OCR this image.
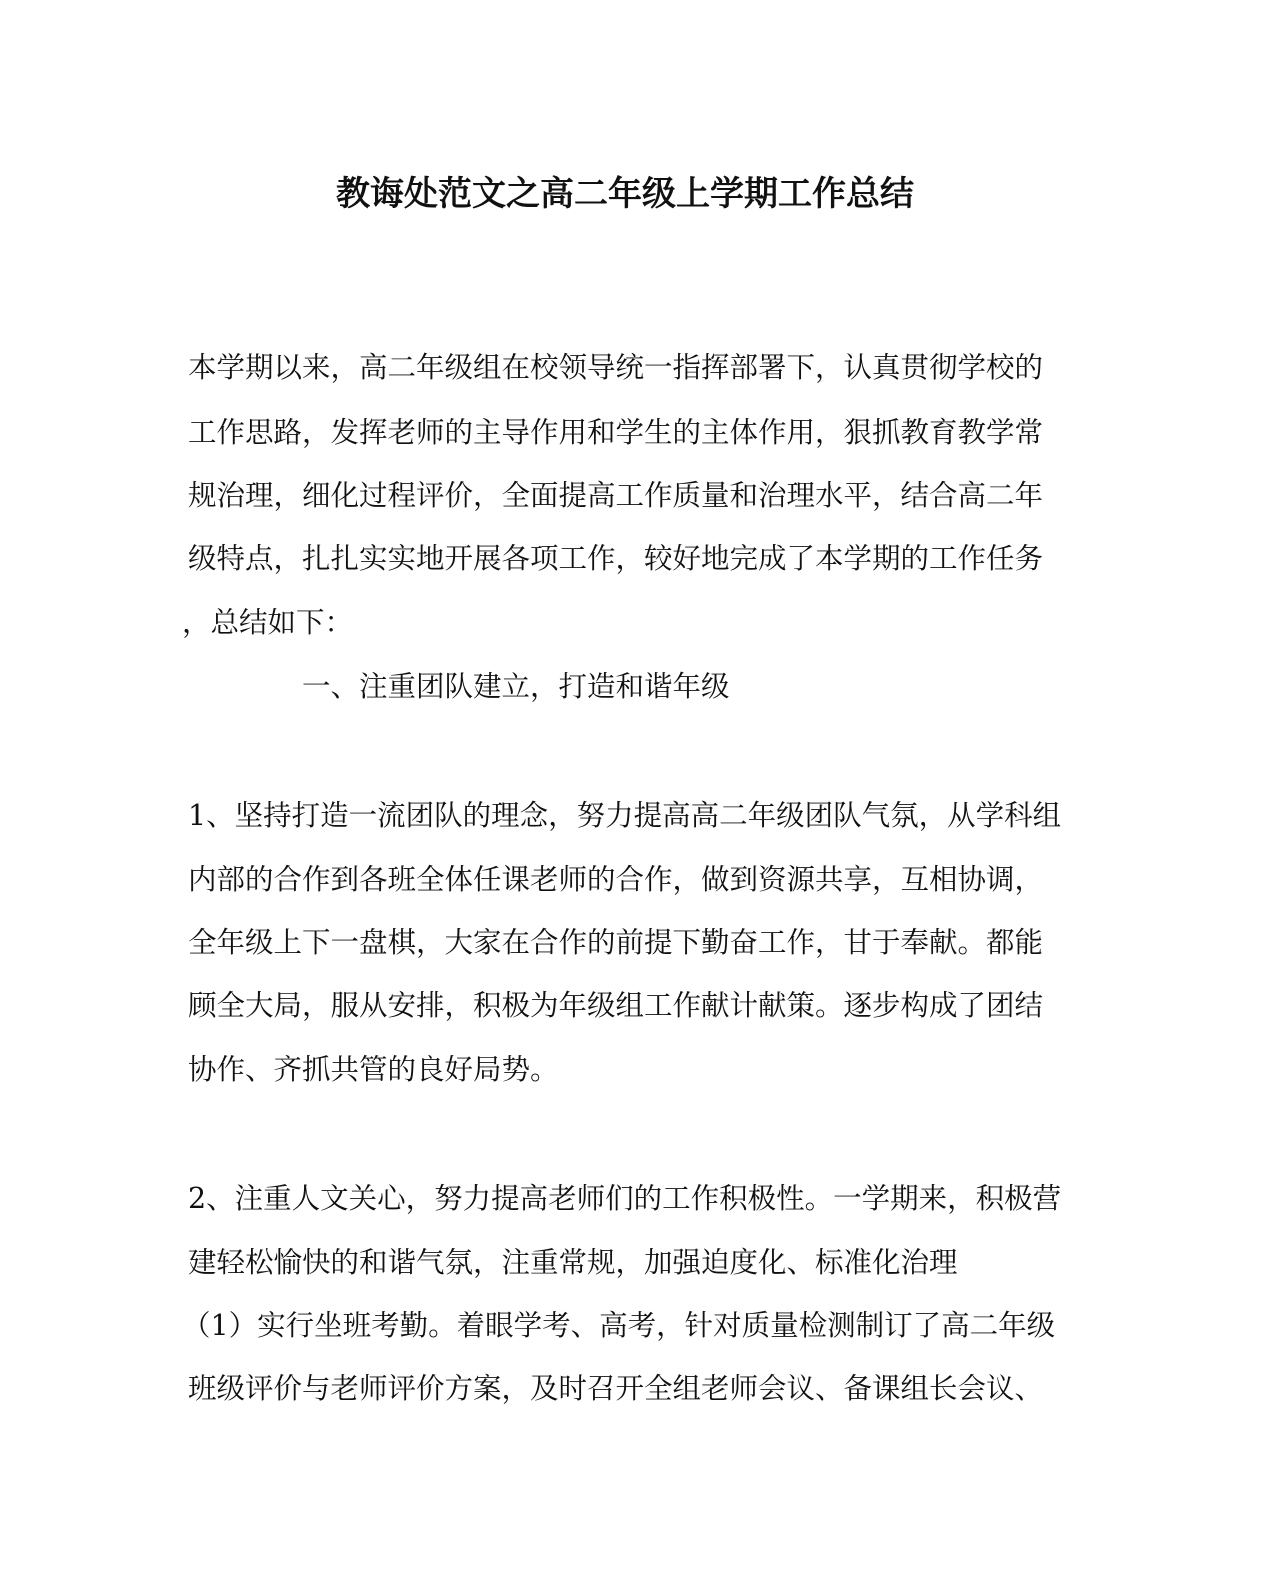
教诲处范文之高二年级上学期工作总结
本学期以来，高二年级组在校领导统一指挥部署下，认真贯彻学校的
工作思路，发挥老师的主导作用和学生的主体作用，狠抓教育教学常
规治理，细化过程评价，全面提高工作质量和治理水平，结合高二年
级特点，扎扎实实地开展各项工作，较好地完成了本学期的工作任务
，总结如下：
一、注重团队建立，打造和谐年级
1、坚持打造一流团队的理念，努力提高高二年级团队气氛，从学科组
内部的合作到各班全体任课老师的合作，做到资源共享，互相协调，
全年级上下一盘棋，大家在合作的前提下勤奋工作，甘于奉献。都能
顾全大局，服从安排，积极为年级组工作献计献策。逐步构成了团结
协作、齐抓共管的良好局势。
2、注重人文关心，努力提高老师们的工作积极性。一学期来，积极营
建轻松愉快的和谐气氛，注重常规，加强迫度化、标准化治理
（1）实行坐班考勤。着眼学考、高考，针对质量检测制订了高二年级
班级评价与老师评价方案，及时召开全组老师会议、备课组长会议、
